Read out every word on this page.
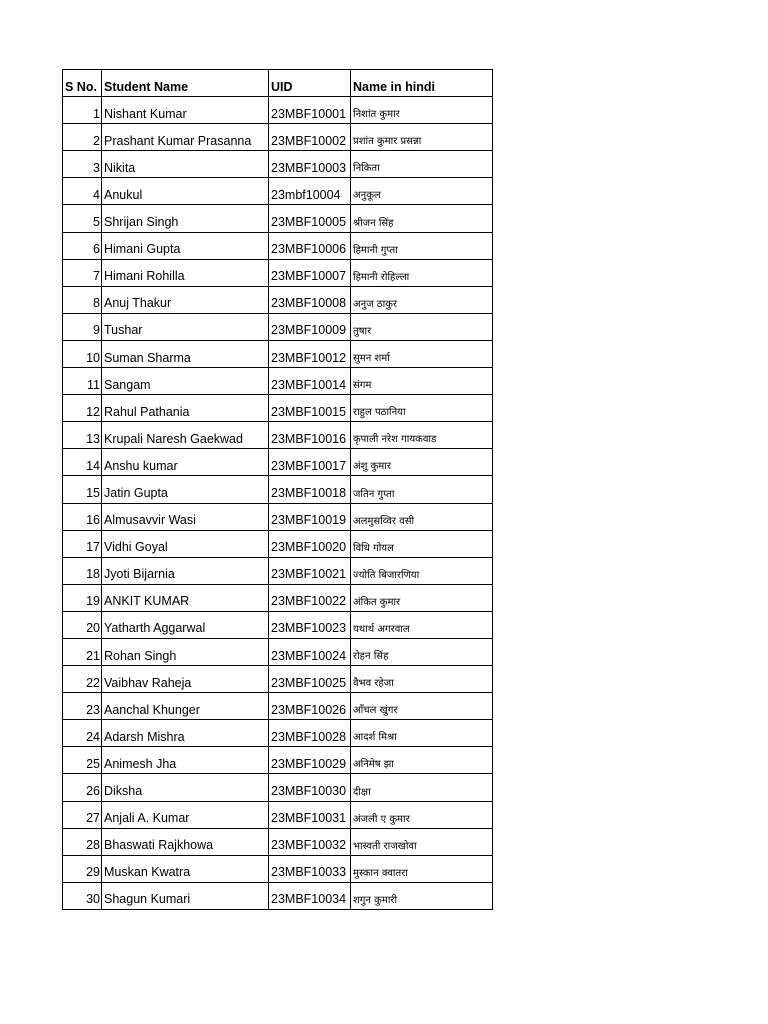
S No.	Student Name	UID	Name in hindi
1	Nishant Kumar	23MBF10001	निशांत कुमार
2	Prashant Kumar Prasanna	23MBF10002	प्रशांत कुमार प्रसन्ना
3	Nikita	23MBF10003	निकिता
4	Anukul	23mbf10004	अनुकूल
5	Shrijan Singh	23MBF10005	श्रीजन सिंह
6	Himani Gupta	23MBF10006	हिमानी गुप्ता
7	Himani Rohilla	23MBF10007	हिमानी रोहिल्ला
8	Anuj Thakur	23MBF10008	अनुज ठाकुर
9	Tushar	23MBF10009	तुषार
10	Suman Sharma	23MBF10012	सुमन शर्मा
11	Sangam	23MBF10014	संगम
12	Rahul Pathania	23MBF10015	राहुल पठानिया
13	Krupali Naresh Gaekwad	23MBF10016	कृपाली नरेश गायकवाड
14	Anshu kumar	23MBF10017	अंशु कुमार
15	Jatin Gupta	23MBF10018	जतिन गुप्ता
16	Almusavvir Wasi	23MBF10019	अलमुसव्विर वसी
17	Vidhi Goyal	23MBF10020	विधि गोयल
18	Jyoti Bijarnia	23MBF10021	ज्योति बिजारणिया
19	ANKIT KUMAR	23MBF10022	अंकित कुमार
20	Yatharth Aggarwal	23MBF10023	यथार्थ अगरवाल
21	Rohan Singh	23MBF10024	रोहन सिंह
22	Vaibhav Raheja	23MBF10025	वैभव रहेजा
23	Aanchal Khunger	23MBF10026	आँचल खुंगर
24	Adarsh Mishra	23MBF10028	आदर्श मिश्रा
25	Animesh Jha	23MBF10029	अनिमेष झा
26	Diksha	23MBF10030	दीक्षा
27	Anjali A. Kumar	23MBF10031	अंजली ए कुमार
28	Bhaswati Rajkhowa	23MBF10032	भास्वती राजखोवा
29	Muskan Kwatra	23MBF10033	मुस्कान क्वातरा
30	Shagun Kumari	23MBF10034	शगुन कुमारी
